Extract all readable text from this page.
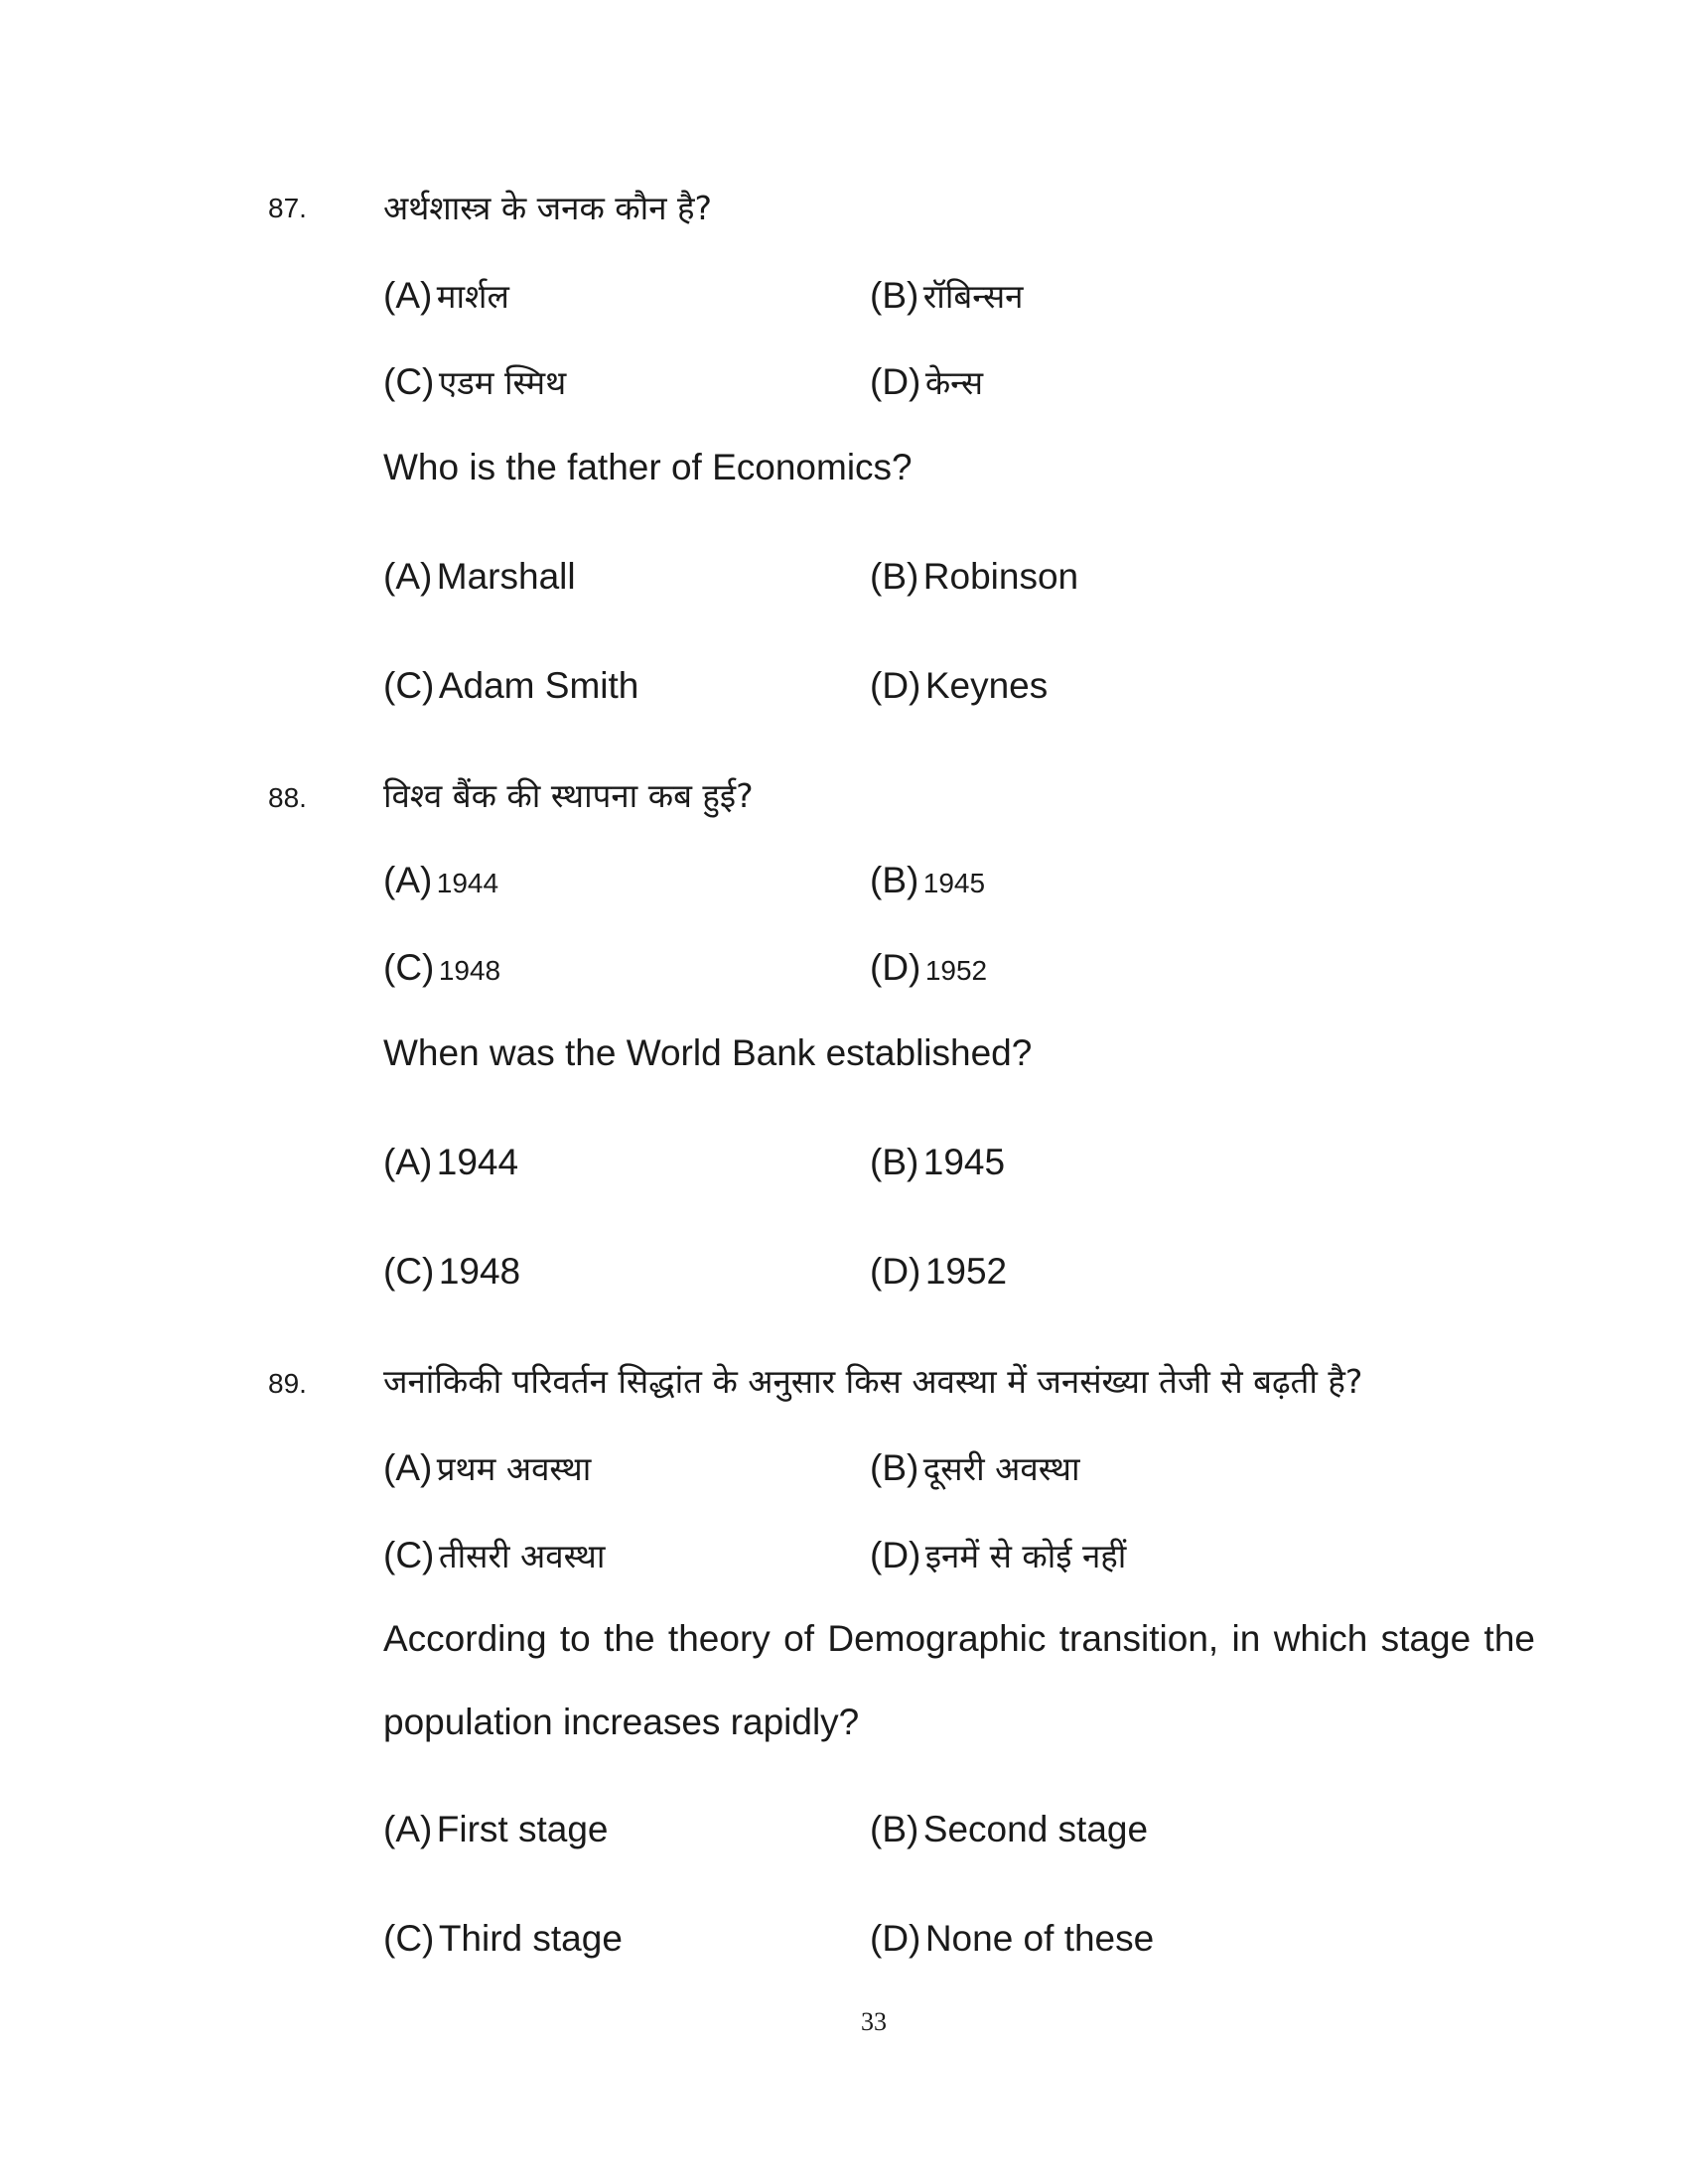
87. अर्थशास्त्र के जनक कौन है?
(A) मार्शल	(B) रॉबिन्सन
(C) एडम स्मिथ	(D) केन्स
Who is the father of Economics?
(A) Marshall	(B) Robinson
(C) Adam Smith	(D) Keynes
88. विश्व बैंक की स्थापना कब हुई?
(A) 1944	(B) 1945
(C) 1948	(D) 1952
When was the World Bank established?
(A) 1944	(B) 1945
(C) 1948	(D) 1952
89. जनांकिकी परिवर्तन सिद्धांत के अनुसार किस अवस्था में जनसंख्या तेजी से बढ़ती है?
(A) प्रथम अवस्था	(B) दूसरी अवस्था
(C) तीसरी अवस्था	(D) इनमें से कोई नहीं
According to the theory of Demographic transition, in which stage the
population increases rapidly?
(A) First stage	(B) Second stage
(C) Third stage	(D) None of these
33
